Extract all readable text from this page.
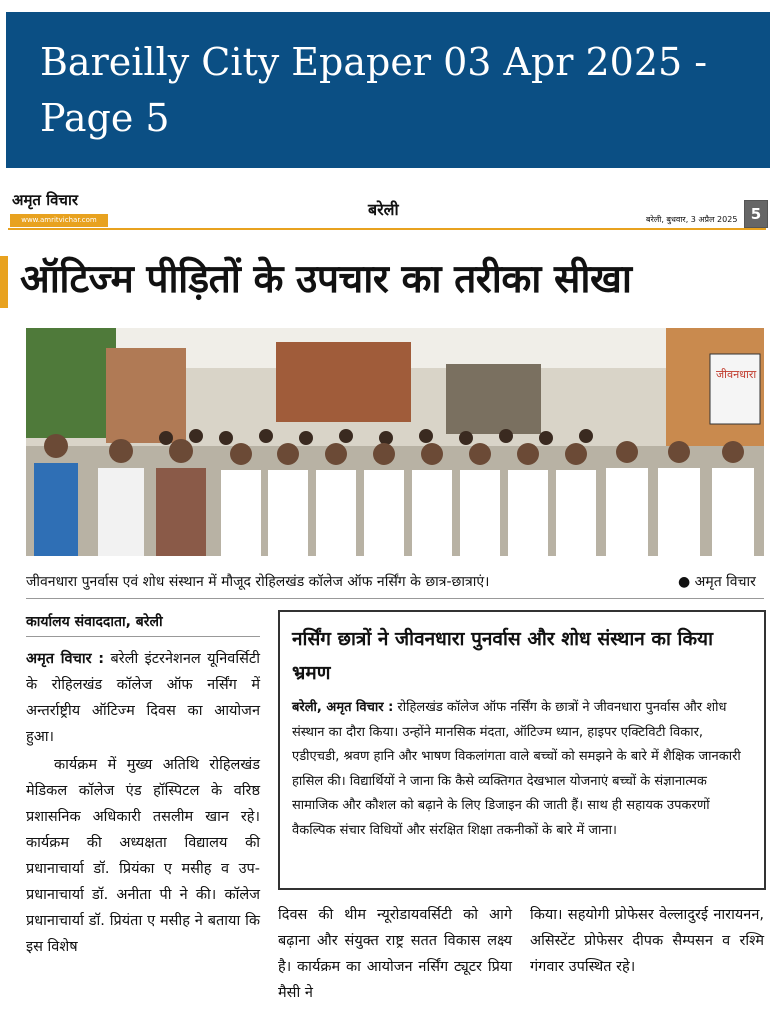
Bareilly City Epaper 03 Apr 2025 - Page 5
अमृत विचार
www.amritvichar.com
बरेली
बरेली, बुधवार, 3 अप्रैल 2025 5
ऑटिज्म पीड़ितों के उपचार का तरीका सीखा
जीवनधारा
जीवनधारा पुनर्वास एवं शोध संस्थान में मौजूद रोहिलखंड कॉलेज ऑफ नर्सिंग के छात्र-छात्राएं।	● अमृत विचार
कार्यालय संवाददाता, बरेली

अमृत विचार : बरेली इंटरनेशनल यूनिवर्सिटी के रोहिलखंड कॉलेज ऑफ नर्सिंग में अन्तर्राष्ट्रीय ऑटिज्म दिवस का आयोजन हुआ।

कार्यक्रम में मुख्य अतिथि रोहिलखंड मेडिकल कॉलेज एंड हॉस्पिटल के वरिष्ठ प्रशासनिक अधिकारी तसलीम खान रहे। कार्यक्रम की अध्यक्षता विद्यालय की प्रधानाचार्या डॉ. प्रियंका ए मसीह व उप-प्रधानाचार्या डॉ. अनीता पी ने की। कॉलेज प्रधानाचार्या डॉ. प्रियंता ए मसीह ने बताया कि इस विशेष

नर्सिंग छात्रों ने जीवनधारा पुनर्वास और शोध संस्थान का किया भ्रमण

बरेली, अमृत विचार : रोहिलखंड कॉलेज ऑफ नर्सिंग के छात्रों ने जीवनधारा पुनर्वास और शोध संस्थान का दौरा किया। उन्होंने मानसिक मंदता, ऑटिज्म ध्यान, हाइपर एक्टिविटी विकार, एडीएचडी, श्रवण हानि और भाषण विकलांगता वाले बच्चों को समझने के बारे में शैक्षिक जानकारी हासिल की। विद्यार्थियों ने जाना कि कैसे व्यक्तिगत देखभाल योजनाएं बच्चों के संज्ञानात्मक सामाजिक और कौशल को बढ़ाने के लिए डिजाइन की जाती हैं। साथ ही सहायक उपकरणों वैकल्पिक संचार विधियों और संरक्षित शिक्षा तकनीकों के बारे में जाना।

दिवस की थीम न्यूरोडायवर्सिटी को आगे बढ़ाना और संयुक्त राष्ट्र सतत विकास लक्ष्य है। कार्यक्रम का आयोजन नर्सिंग ट्यूटर प्रिया मैसी ने

किया। सहयोगी प्रोफेसर वेल्लादुरई नारायनन, असिस्टेंट प्रोफेसर दीपक सैम्पसन व रश्मि गंगवार उपस्थित रहे।
